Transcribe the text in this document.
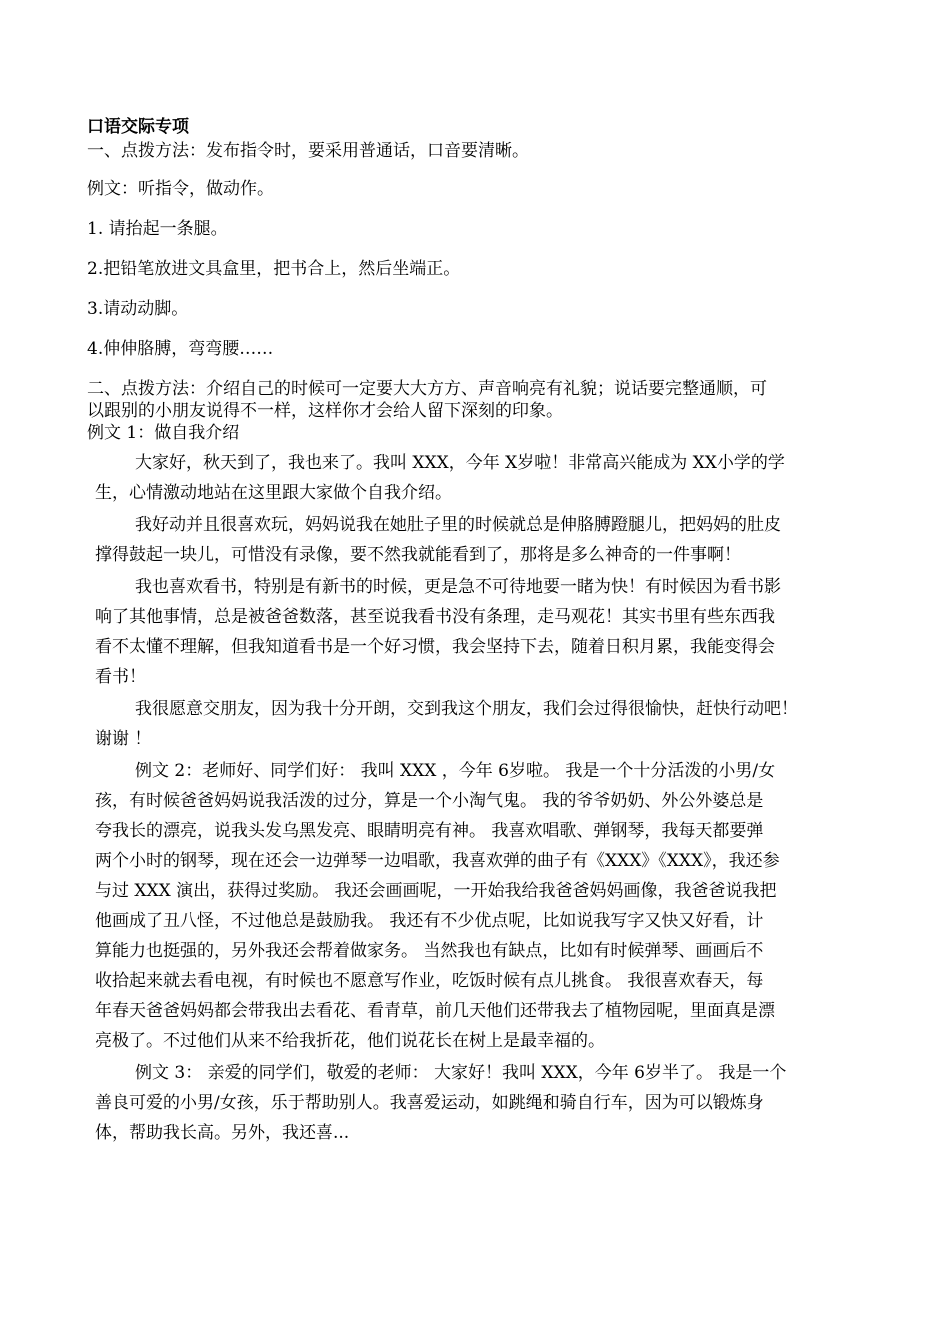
口语交际专项
一、点拨方法：发布指令时，要采用普通话，口音要清晰。
例文：听指令，做动作。
1. 请抬起一条腿。
2.把铅笔放进文具盒里，把书合上，然后坐端正。
3.请动动脚。
4.伸伸胳膊，弯弯腰……
二、点拨方法：介绍自己的时候可一定要大大方方、声音响亮有礼貌；说话要完整通顺，可
以跟别的小朋友说得不一样，这样你才会给人留下深刻的印象。
例文 1：做自我介绍
大家好，秋天到了，我也来了。我叫 XXX，今年 X岁啦！非常高兴能成为 XX小学的学
生，心情激动地站在这里跟大家做个自我介绍。
我好动并且很喜欢玩，妈妈说我在她肚子里的时候就总是伸胳膊蹬腿儿，把妈妈的肚皮
撑得鼓起一块儿，可惜没有录像，要不然我就能看到了，那将是多么神奇的一件事啊！
我也喜欢看书，特别是有新书的时候，更是急不可待地要一睹为快！有时候因为看书影
响了其他事情，总是被爸爸数落，甚至说我看书没有条理，走马观花！其实书里有些东西我
看不太懂不理解，但我知道看书是一个好习惯，我会坚持下去，随着日积月累，我能变得会
看书！
我很愿意交朋友，因为我十分开朗，交到我这个朋友，我们会过得很愉快，赶快行动吧！
谢谢 ！
例文 2：老师好、同学们好： 我叫 XXX ，今年 6岁啦。 我是一个十分活泼的小男/女
孩，有时候爸爸妈妈说我活泼的过分，算是一个小淘气鬼。 我的爷爷奶奶、外公外婆总是
夸我长的漂亮，说我头发乌黑发亮、眼睛明亮有神。 我喜欢唱歌、弹钢琴，我每天都要弹
两个小时的钢琴，现在还会一边弹琴一边唱歌，我喜欢弹的曲子有《XXX》《XXX》，我还参
与过 XXX 演出，获得过奖励。 我还会画画呢，一开始我给我爸爸妈妈画像，我爸爸说我把
他画成了丑八怪，不过他总是鼓励我。 我还有不少优点呢，比如说我写字又快又好看，计
算能力也挺强的，另外我还会帮着做家务。 当然我也有缺点，比如有时候弹琴、画画后不
收拾起来就去看电视，有时候也不愿意写作业，吃饭时候有点儿挑食。 我很喜欢春天，每
年春天爸爸妈妈都会带我出去看花、看青草，前几天他们还带我去了植物园呢，里面真是漂
亮极了。不过他们从来不给我折花，他们说花长在树上是最幸福的。
例文 3： 亲爱的同学们，敬爱的老师： 大家好！我叫 XXX，今年 6岁半了。 我是一个
善良可爱的小男/女孩，乐于帮助别人。我喜爱运动，如跳绳和骑自行车，因为可以锻炼身
体，帮助我长高。另外，我还喜...
